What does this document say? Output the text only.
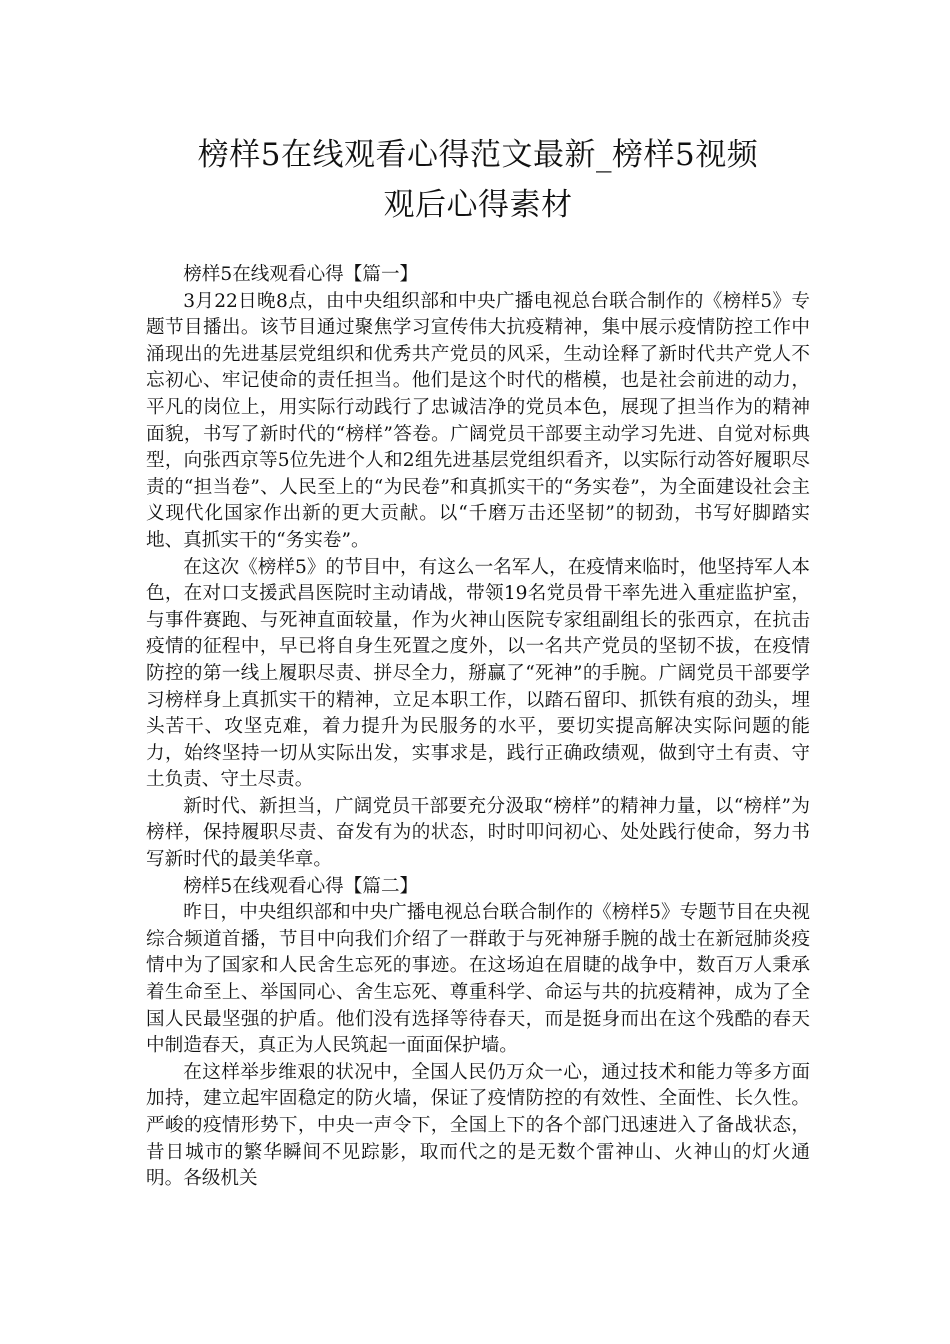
榜样5在线观看心得范文最新_榜样5视频
观后心得素材

榜样5在线观看心得【篇一】

3月22日晚8点，由中央组织部和中央广播电视总台联合制作的《榜样5》专题节目播出。该节目通过聚焦学习宣传伟大抗疫精神，集中展示疫情防控工作中涌现出的先进基层党组织和优秀共产党员的风采，生动诠释了新时代共产党人不忘初心、牢记使命的责任担当。他们是这个时代的楷模，也是社会前进的动力，平凡的岗位上，用实际行动践行了忠诚洁净的党员本色，展现了担当作为的精神面貌，书写了新时代的“榜样”答卷。广阔党员干部要主动学习先进、自觉对标典型，向张西京等5位先进个人和2组先进基层党组织看齐，以实际行动答好履职尽责的“担当卷”、人民至上的“为民卷”和真抓实干的“务实卷”，为全面建设社会主义现代化国家作出新的更大贡献。以“千磨万击还坚韧”的韧劲，书写好脚踏实地、真抓实干的“务实卷”。

在这次《榜样5》的节目中，有这么一名军人，在疫情来临时，他坚持军人本色，在对口支援武昌医院时主动请战，带领19名党员骨干率先进入重症监护室，与事件赛跑、与死神直面较量，作为火神山医院专家组副组长的张西京，在抗击疫情的征程中，早已将自身生死置之度外，以一名共产党员的坚韧不拔，在疫情防控的第一线上履职尽责、拼尽全力，掰赢了“死神”的手腕。广阔党员干部要学习榜样身上真抓实干的精神，立足本职工作，以踏石留印、抓铁有痕的劲头，埋头苦干、攻坚克难，着力提升为民服务的水平，要切实提高解决实际问题的能力，始终坚持一切从实际出发，实事求是，践行正确政绩观，做到守土有责、守土负责、守土尽责。

新时代、新担当，广阔党员干部要充分汲取“榜样”的精神力量，以“榜样”为榜样，保持履职尽责、奋发有为的状态，时时叩问初心、处处践行使命，努力书写新时代的最美华章。

榜样5在线观看心得【篇二】

昨日，中央组织部和中央广播电视总台联合制作的《榜样5》专题节目在央视综合频道首播，节目中向我们介绍了一群敢于与死神掰手腕的战士在新冠肺炎疫情中为了国家和人民舍生忘死的事迹。在这场迫在眉睫的战争中，数百万人秉承着生命至上、举国同心、舍生忘死、尊重科学、命运与共的抗疫精神，成为了全国人民最坚强的护盾。他们没有选择等待春天，而是挺身而出在这个残酷的春天中制造春天，真正为人民筑起一面面保护墙。

在这样举步维艰的状况中，全国人民仍万众一心，通过技术和能力等多方面加持，建立起牢固稳定的防火墙，保证了疫情防控的有效性、全面性、长久性。严峻的疫情形势下，中央一声令下，全国上下的各个部门迅速进入了备战状态，昔日城市的繁华瞬间不见踪影，取而代之的是无数个雷神山、火神山的灯火通明。各级机关
